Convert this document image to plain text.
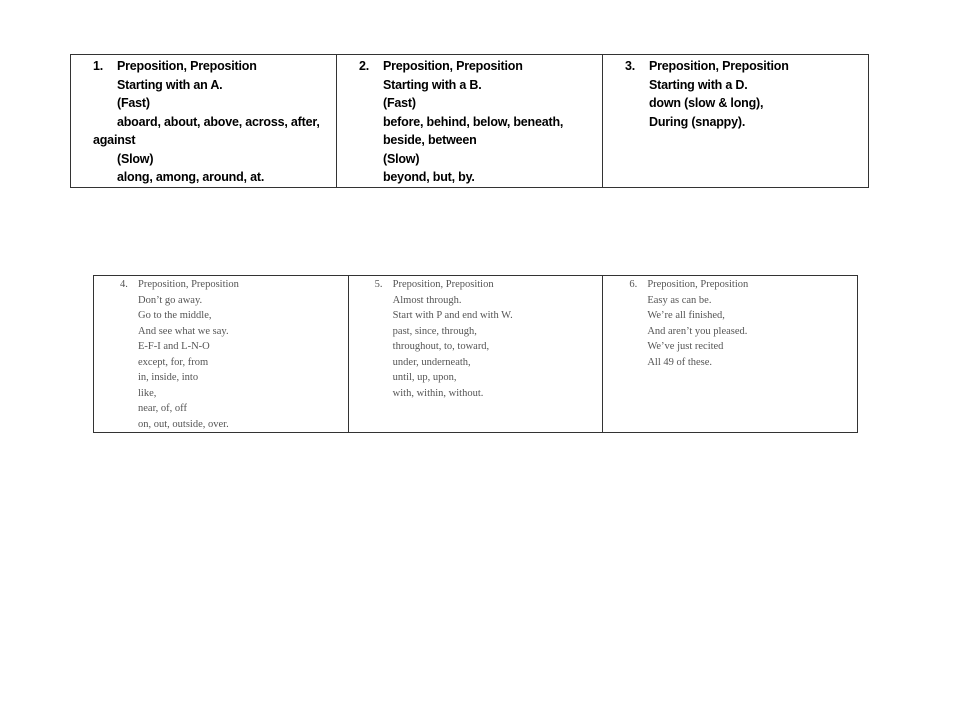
1.	Preposition, Preposition
Starting with an A.
(Fast)
aboard, about, above, across, after,
against
(Slow)
along, among, around, at.

2.	Preposition, Preposition
Starting with a B.
(Fast)
before, behind, below, beneath,
beside, between
(Slow)
beyond, but, by.

3.	Preposition, Preposition
Starting with a D.
down (slow & long),
During (snappy).
4. Preposition, Preposition
Don’t go away.
Go to the middle,
And see what we say.
E-F-I and L-N-O
except, for, from
in, inside, into
like,
near, of, off
on, out, outside, over.

5. Preposition, Preposition
Almost through.
Start with P and end with W.
past, since, through,
throughout, to, toward,
under, underneath,
until, up, upon,
with, within, without.

6. Preposition, Preposition
Easy as can be.
We’re all finished,
And aren’t you pleased.
We’ve just recited
All 49 of these.
